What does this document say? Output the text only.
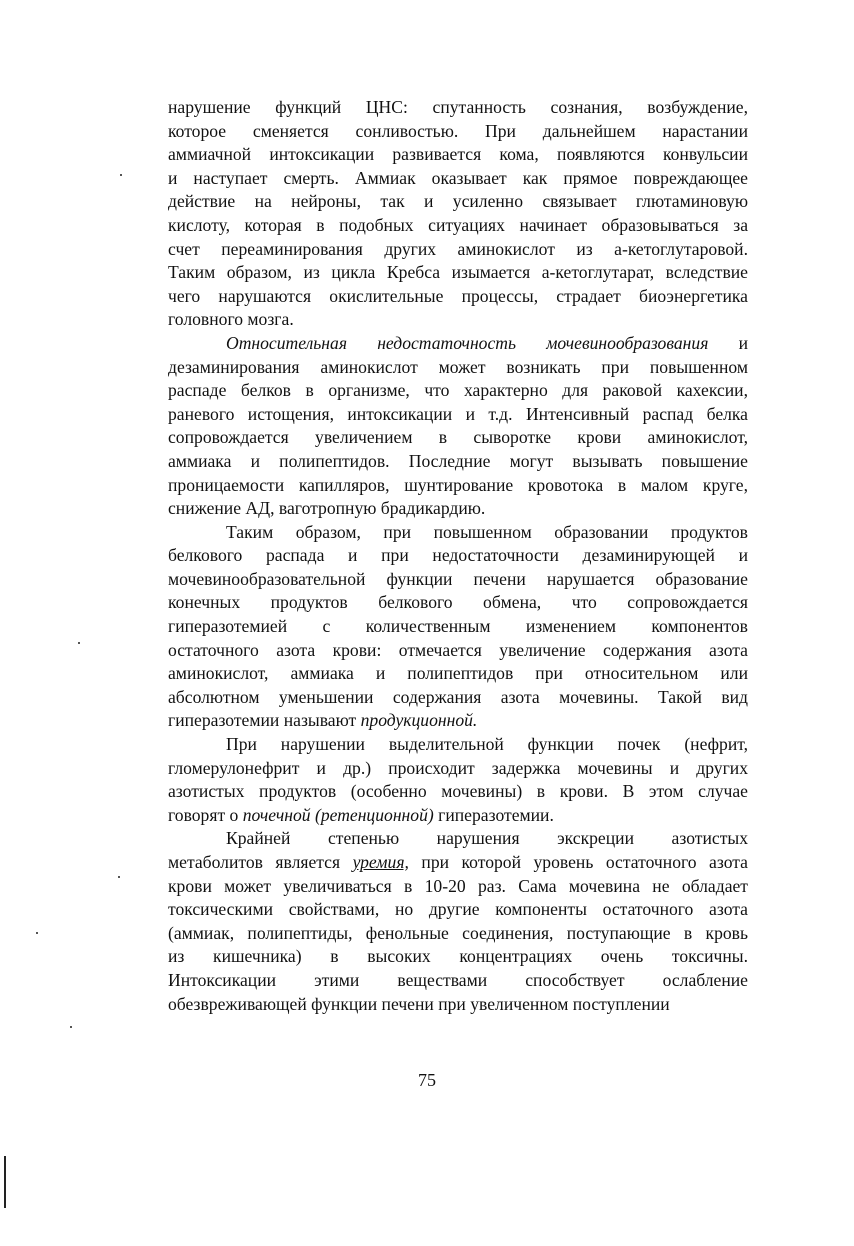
нарушение функций ЦНС: спутанность сознания, возбуждение,
которое сменяется сонливостью. При дальнейшем нарастании
аммиачной интоксикации развивается кома, появляются конвульсии
и наступает смерть. Аммиак оказывает как прямое повреждающее
действие на нейроны, так и усиленно связывает глютаминовую
кислоту, которая в подобных ситуациях начинает образовываться за
счет переаминирования других аминокислот из а-кетоглутаровой.
Таким образом, из цикла Кребса изымается а-кетоглутарат, вследствие
чего нарушаются окислительные процессы, страдает биоэнергетика
головного мозга.
Относительная недостаточность мочевинообразования и
дезаминирования аминокислот может возникать при повышенном
распаде белков в организме, что характерно для раковой кахексии,
раневого истощения, интоксикации и т.д. Интенсивный распад белка
сопровождается увеличением в сыворотке крови аминокислот,
аммиака и полипептидов. Последние могут вызывать повышение
проницаемости капилляров, шунтирование кровотока в малом круге,
снижение АД, ваготропную брадикардию.
Таким образом, при повышенном образовании продуктов
белкового распада и при недостаточности дезаминирующей и
мочевинообразовательной функции печени нарушается образование
конечных продуктов белкового обмена, что сопровождается
гиперазотемией с количественным изменением компонентов
остаточного азота крови: отмечается увеличение содержания азота
аминокислот, аммиака и полипептидов при относительном или
абсолютном уменьшении содержания азота мочевины. Такой вид
гиперазотемии называют продукционной.
При нарушении выделительной функции почек (нефрит,
гломерулонефрит и др.) происходит задержка мочевины и других
азотистых продуктов (особенно мочевины) в крови. В этом случае
говорят о почечной (ретенционной) гиперазотемии.
Крайней степенью нарушения экскреции азотистых
метаболитов является уремия, при которой уровень остаточного азота
крови может увеличиваться в 10-20 раз. Сама мочевина не обладает
токсическими свойствами, но другие компоненты остаточного азота
(аммиак, полипептиды, фенольные соединения, поступающие в кровь
из кишечника) в высоких концентрациях очень токсичны.
Интоксикации этими веществами способствует ослабление
обезвреживающей функции печени при увеличенном поступлении
75
